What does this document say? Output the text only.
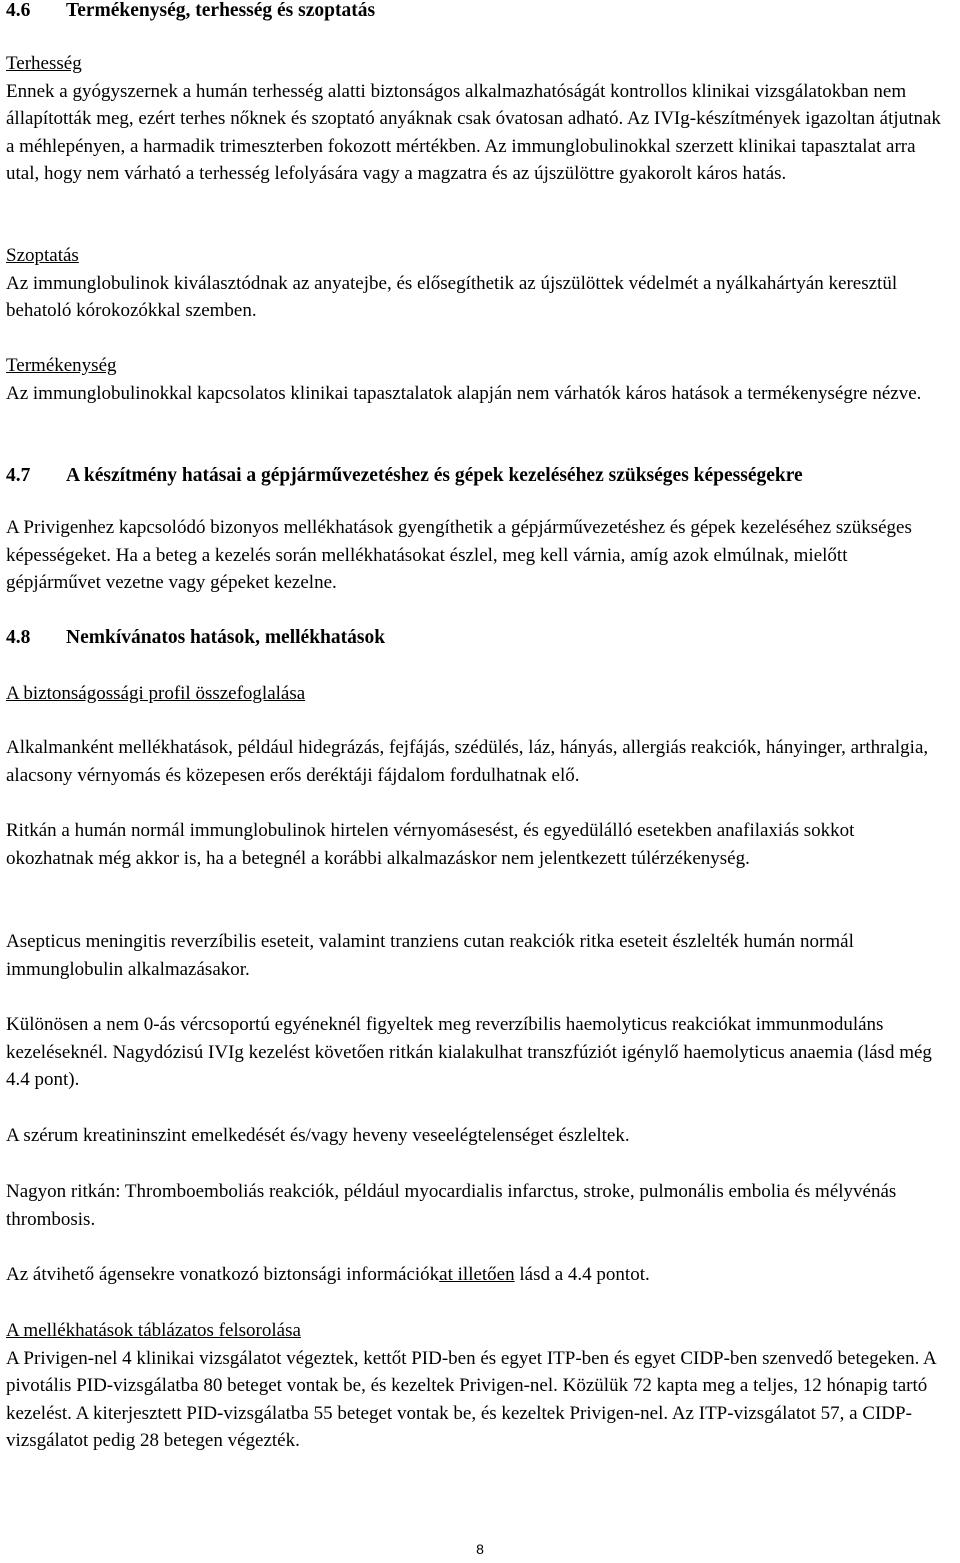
4.6 Termékenység, terhesség és szoptatás

Terhesség

Ennek a gyógyszernek a humán terhesség alatti biztonságos alkalmazhatóságát kontrollos klinikai vizsgálatokban nem állapították meg, ezért terhes nőknek és szoptató anyáknak csak óvatosan adható. Az IVIg-készítmények igazoltan átjutnak a méhlepényen, a harmadik trimeszterben fokozott mértékben. Az immunglobulinokkal szerzett klinikai tapasztalat arra utal, hogy nem várható a terhesség lefolyására vagy a magzatra és az újszülöttre gyakorolt káros hatás.

Szoptatás

Az immunglobulinok kiválasztódnak az anyatejbe, és elősegíthetik az újszülöttek védelmét a nyálkahártyán keresztül behatoló kórokozókkal szemben.

Termékenység

Az immunglobulinokkal kapcsolatos klinikai tapasztalatok alapján nem várhatók káros hatások a termékenységre nézve.

4.7 A készítmény hatásai a gépjárművezetéshez és gépek kezeléséhez szükséges képességekre

A Privigenhez kapcsolódó bizonyos mellékhatások gyengíthetik a gépjárművezetéshez és gépek kezeléséhez szükséges képességeket. Ha a beteg a kezelés során mellékhatásokat észlel, meg kell várnia, amíg azok elmúlnak, mielőtt gépjárművet vezetne vagy gépeket kezelne.

4.8 Nemkívánatos hatások, mellékhatások

A biztonságossági profil összefoglalása

Alkalmanként mellékhatások, például hidegrázás, fejfájás, szédülés, láz, hányás, allergiás reakciók, hányinger, arthralgia, alacsony vérnyomás és közepesen erős deréktáji fájdalom fordulhatnak elő.

Ritkán a humán normál immunglobulinok hirtelen vérnyomásesést, és egyedülálló esetekben anafilaxiás sokkot okozhatnak még akkor is, ha a betegnél a korábbi alkalmazáskor nem jelentkezett túlérzékenység.

Asepticus meningitis reverzíbilis eseteit, valamint tranziens cutan reakciók ritka eseteit észlelték humán normál immunglobulin alkalmazásakor.

Különösen a nem 0-ás vércsoportú egyéneknél figyeltek meg reverzíbilis haemolyticus reakciókat immunmoduláns kezeléseknél. Nagydózisú IVIg kezelést követően ritkán kialakulhat transzfúziót igénylő haemolyticus anaemia (lásd még 4.4 pont).

A szérum kreatininszint emelkedését és/vagy heveny veseelégtelenséget észleltek.

Nagyon ritkán: Thromboemboliás reakciók, például myocardialis infarctus, stroke, pulmonális embolia és mélyvénás thrombosis.

Az átvihető ágensekre vonatkozó biztonsági információkat illetően lásd a 4.4 pontot.

A mellékhatások táblázatos felsorolása

A Privigen-nel 4 klinikai vizsgálatot végeztek, kettőt PID-ben és egyet ITP-ben és egyet CIDP-ben szenvedő betegeken. A pivotális PID-vizsgálatba 80 beteget vontak be, és kezeltek Privigen-nel. Közülük 72 kapta meg a teljes, 12 hónapig tartó kezelést. A kiterjesztett PID-vizsgálatba 55 beteget vontak be, és kezeltek Privigen-nel. Az ITP-vizsgálatot 57, a CIDP-vizsgálatot pedig 28 betegen végezték.

8
